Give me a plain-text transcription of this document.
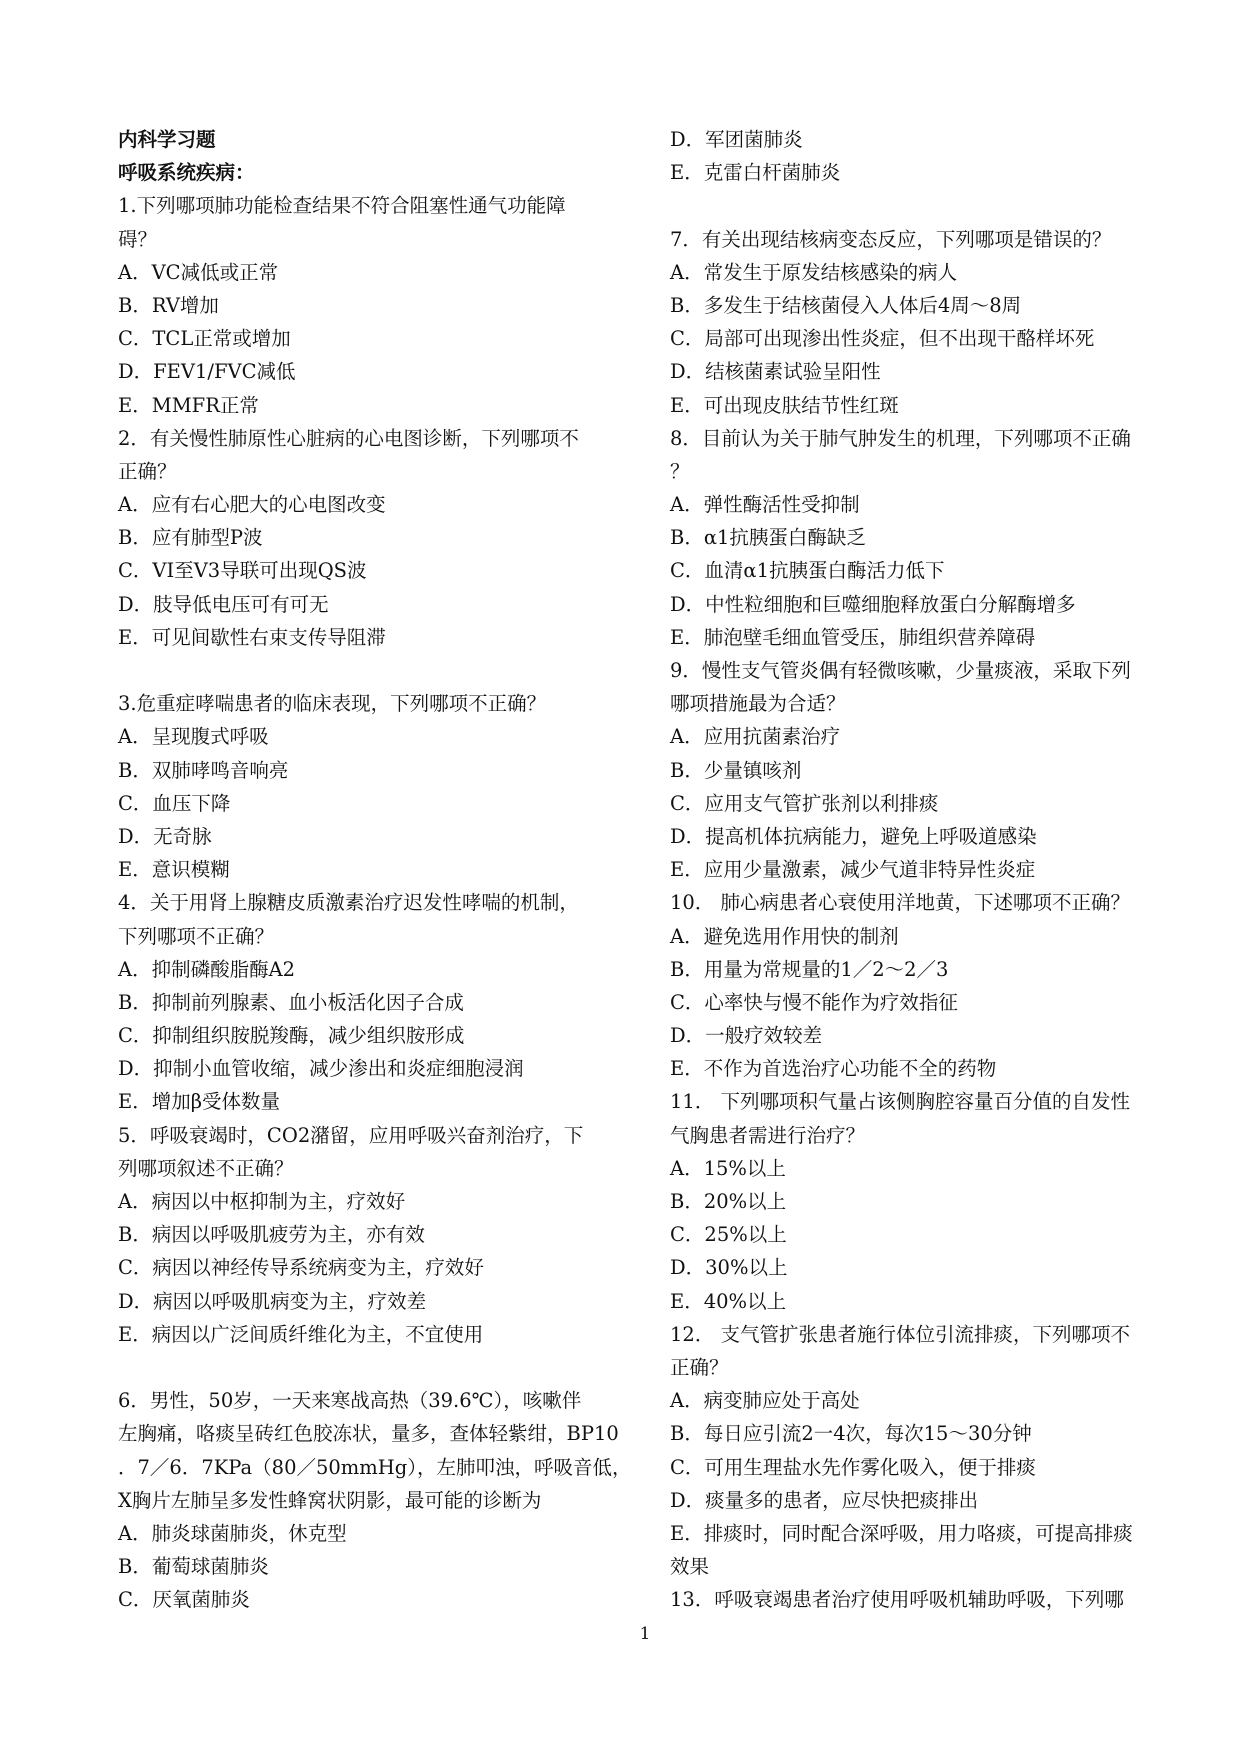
内科学习题
呼吸系统疾病：
1.下列哪项肺功能检查结果不符合阻塞性通气功能障
碍？
A．VC减低或正常
B．RV增加
C．TCL正常或增加
D．FEV1/FVC减低
E．MMFR正常
2．有关慢性肺原性心脏病的心电图诊断，下列哪项不
正确？
A．应有右心肥大的心电图改变
B．应有肺型P波
C．VI至V3导联可出现QS波
D．肢导低电压可有可无
E．可见间歇性右束支传导阻滞
3.危重症哮喘患者的临床表现，下列哪项不正确？
A．呈现腹式呼吸
B．双肺哮鸣音响亮
C．血压下降
D．无奇脉
E．意识模糊
4．关于用肾上腺糖皮质激素治疗迟发性哮喘的机制，
下列哪项不正确？
A．抑制磷酸脂酶A2
B．抑制前列腺素、血小板活化因子合成
C．抑制组织胺脱羧酶，减少组织胺形成
D．抑制小血管收缩，减少渗出和炎症细胞浸润
E．增加β受体数量
5．呼吸衰竭时，CO2潴留，应用呼吸兴奋剂治疗，下
列哪项叙述不正确？
A．病因以中枢抑制为主，疗效好
B．病因以呼吸肌疲劳为主，亦有效
C．病因以神经传导系统病变为主，疗效好
D．病因以呼吸肌病变为主，疗效差
E．病因以广泛间质纤维化为主，不宜使用
6．男性，50岁，一天来寒战高热（39.6℃），咳嗽伴
左胸痛，咯痰呈砖红色胶冻状，量多，查体轻紫绀，BP10
．7／6．7KPa（80／50mmHg），左肺叩浊，呼吸音低，
X胸片左肺呈多发性蜂窝状阴影，最可能的诊断为
A．肺炎球菌肺炎，休克型
B．葡萄球菌肺炎
C．厌氧菌肺炎
D．军团菌肺炎
E．克雷白杆菌肺炎
7．有关出现结核病变态反应，下列哪项是错误的？
A．常发生于原发结核感染的病人
B．多发生于结核菌侵入人体后4周～8周
C．局部可出现渗出性炎症，但不出现干酪样坏死
D．结核菌素试验呈阳性
E．可出现皮肤结节性红斑
8．目前认为关于肺气肿发生的机理，下列哪项不正确
？
A．弹性酶活性受抑制
B．α1抗胰蛋白酶缺乏
C．血清α1抗胰蛋白酶活力低下
D．中性粒细胞和巨噬细胞释放蛋白分解酶增多
E．肺泡壁毛细血管受压，肺组织营养障碍
9．慢性支气管炎偶有轻微咳嗽，少量痰液，采取下列
哪项措施最为合适？
A．应用抗菌素治疗
B．少量镇咳剂
C．应用支气管扩张剂以利排痰
D．提高机体抗病能力，避免上呼吸道感染
E．应用少量激素，减少气道非特异性炎症
10． 肺心病患者心衰使用洋地黄，下述哪项不正确？
A．避免选用作用快的制剂
B．用量为常规量的1／2～2／3
C．心率快与慢不能作为疗效指征
D．一般疗效较差
E．不作为首选治疗心功能不全的药物
11． 下列哪项积气量占该侧胸腔容量百分值的自发性
气胸患者需进行治疗？
A．15%以上
B．20%以上
C．25%以上
D．30%以上
E．40%以上
12． 支气管扩张患者施行体位引流排痰，下列哪项不
正确？
A．病变肺应处于高处
B．每日应引流2一4次，每次15～30分钟
C．可用生理盐水先作雾化吸入，便于排痰
D．痰量多的患者，应尽快把痰排出
E．排痰时，同时配合深呼吸，用力咯痰，可提高排痰
效果
13．呼吸衰竭患者治疗使用呼吸机辅助呼吸，下列哪
1
